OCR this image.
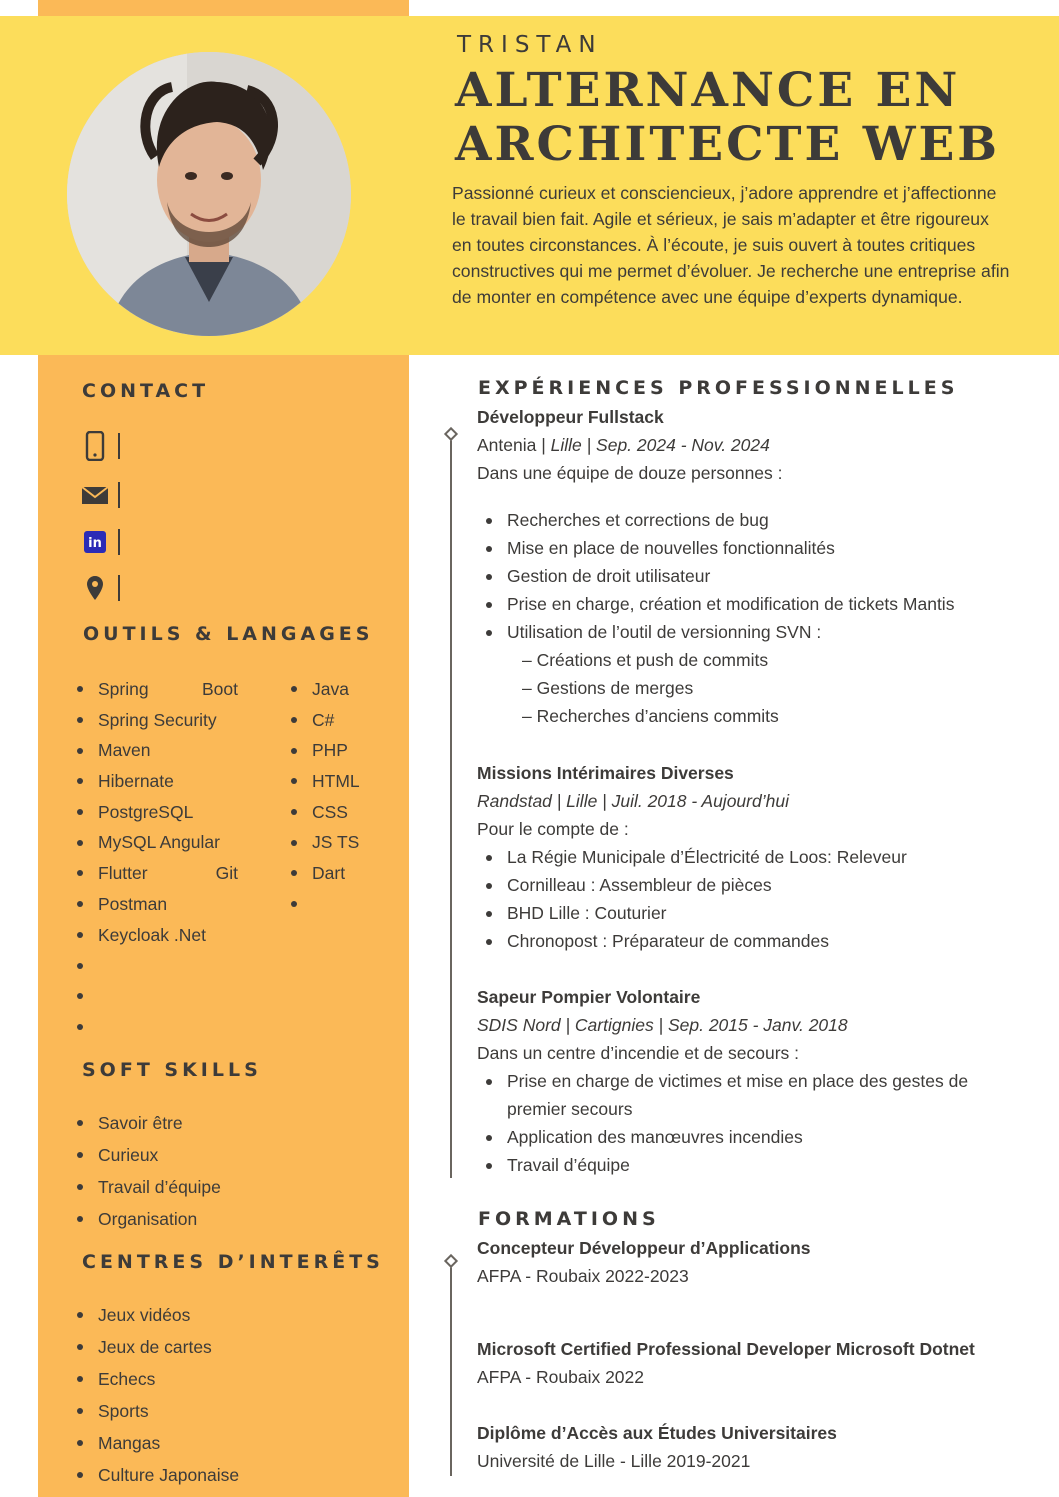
TRISTAN
ALTERNANCE EN
ARCHITECTE WEB

Passionné curieux et consciencieux, j’adore apprendre et j’affectionne le travail bien fait. Agile et sérieux, je sais m’adapter et être rigoureux en toutes circonstances. À l’écoute, je suis ouvert à toutes critiques constructives qui me permet d’évoluer. Je recherche une entreprise afin de monter en compétence avec une équipe d’experts dynamique.

CONTACT
in
OUTILS & LANGAGES
Spring	Boot
Spring Security
Maven
Hibernate
PostgreSQL
MySQL Angular
Flutter	Git
Postman
Keycloak .Net
Java
C#
PHP
HTML
CSS
JS TS
Dart
SOFT SKILLS
Savoir être
Curieux
Travail d’équipe
Organisation
CENTRES D’INTERÊTS
Jeux vidéos
Jeux de cartes
Echecs
Sports
Mangas
Culture Japonaise
EXPÉRIENCES PROFESSIONNELLES
Développeur Fullstack
Antenia | Lille | Sep. 2024 - Nov. 2024
Dans une équipe de douze personnes :
Recherches et corrections de bug
Mise en place de nouvelles fonctionnalités
Gestion de droit utilisateur
Prise en charge, création et modification de tickets Mantis
Utilisation de l’outil de versionning SVN :
– Créations et push de commits
– Gestions de merges
– Recherches d’anciens commits
Missions Intérimaires Diverses
Randstad | Lille | Juil. 2018 - Aujourd’hui
Pour le compte de :
La Régie Municipale d’Électricité de Loos: Releveur
Cornilleau : Assembleur de pièces
BHD Lille : Couturier
Chronopost : Préparateur de commandes
Sapeur Pompier Volontaire
SDIS Nord | Cartignies | Sep. 2015 - Janv. 2018
Dans un centre d’incendie et de secours :
Prise en charge de victimes et mise en place des gestes de premier secours
Application des manœuvres incendies
Travail d’équipe
FORMATIONS
Concepteur Développeur d’Applications
AFPA - Roubaix 2022-2023
Microsoft Certified Professional Developer Microsoft Dotnet
AFPA - Roubaix 2022
Diplôme d’Accès aux Études Universitaires
Université de Lille - Lille 2019-2021
